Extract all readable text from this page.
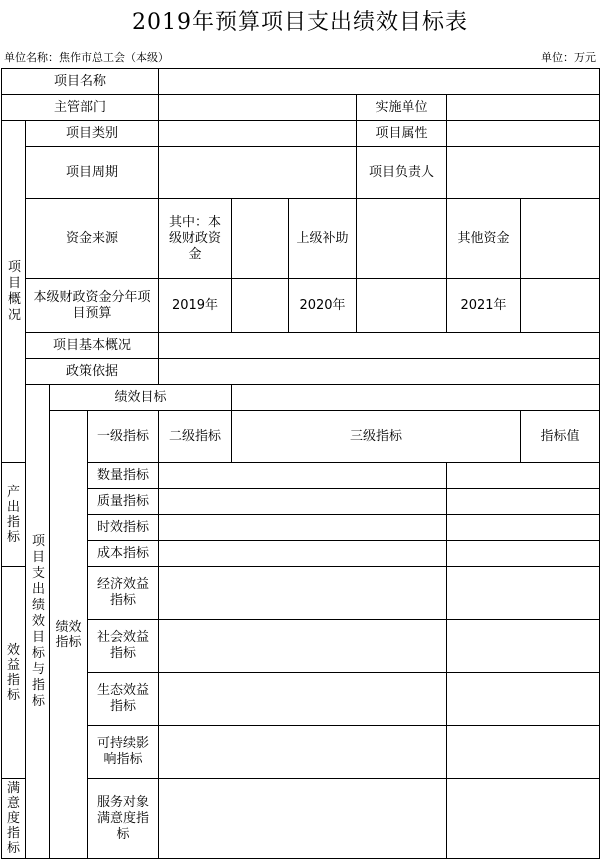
2019年预算项目支出绩效目标表
单位名称：焦作市总工会（本级）	单位：万元
项目名称									
主管部门							实施单位		
项目概况	项目类别						项目属性		
	项目周期						项目负责人		
	资金来源			其中：本级财政资金		上级补助		其他资金	
	本级财政资金分年项目预算			2019年		2020年		2021年	
	项目基本概况								
	政策依据								
	项目支出绩效目标与指标	绩效目标							
		绩效指标	一级指标	二级指标	三级指标				指标值
产出指标			数量指标						
			质量指标						
			时效指标						
			成本指标						
效益指标			经济效益指标						
			社会效益指标						
			生态效益指标						
			可持续影响指标						
满意度指标			服务对象满意度指标						
